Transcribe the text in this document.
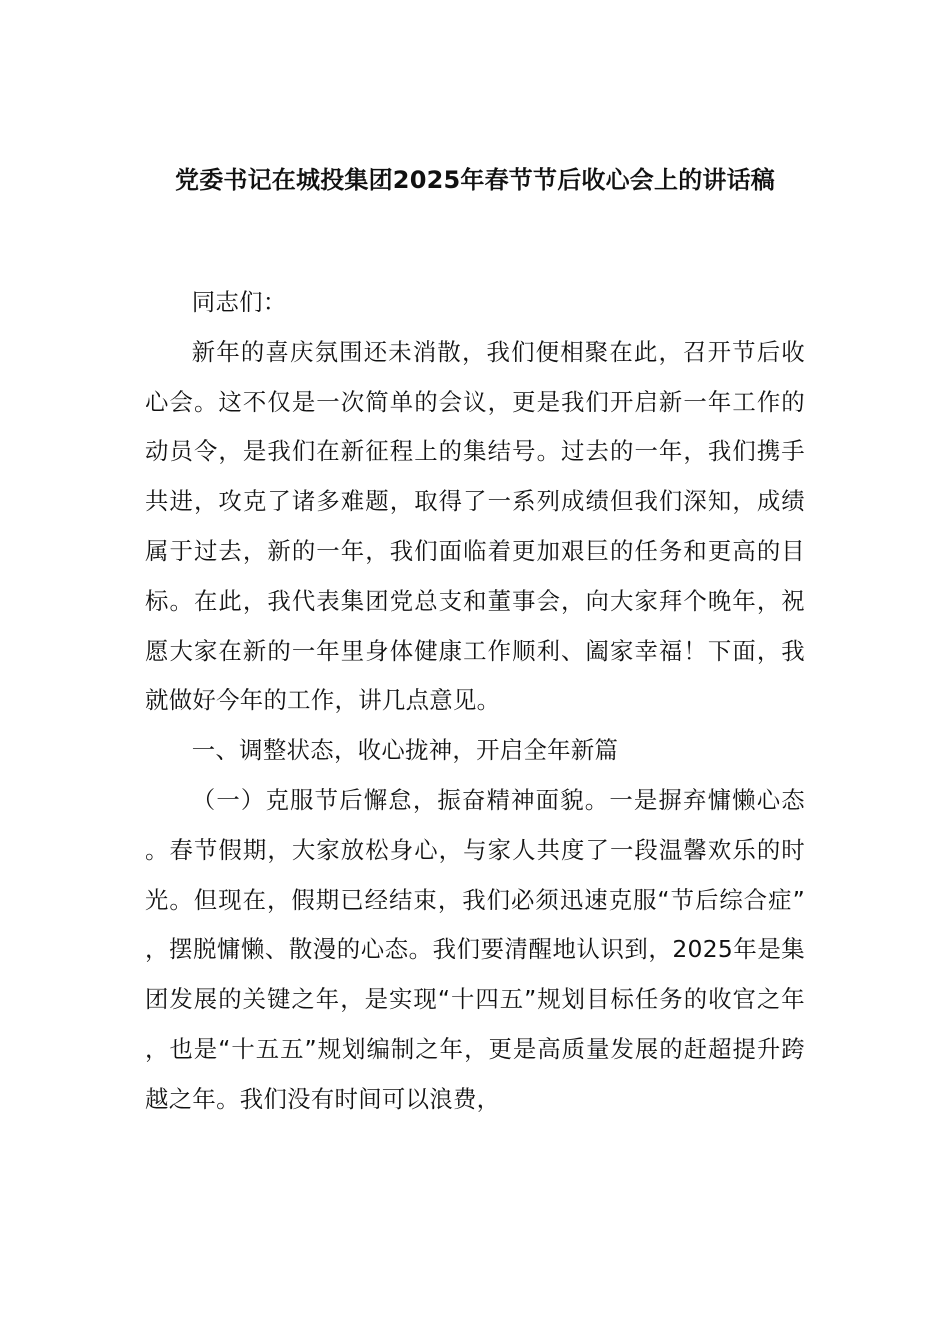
党委书记在城投集团2025年春节节后收心会上的讲话稿

同志们：

新年的喜庆氛围还未消散，我们便相聚在此，召开节后收心会。这不仅是一次简单的会议，更是我们开启新一年工作的动员令，是我们在新征程上的集结号。过去的一年，我们携手共进，攻克了诸多难题，取得了一系列成绩但我们深知，成绩属于过去，新的一年，我们面临着更加艰巨的任务和更高的目标。在此，我代表集团党总支和董事会，向大家拜个晚年，祝愿大家在新的一年里身体健康工作顺利、阖家幸福！下面，我就做好今年的工作，讲几点意见。

一、调整状态，收心拢神，开启全年新篇

（一）克服节后懈怠，振奋精神面貌。一是摒弃慵懒心态。春节假期，大家放松身心，与家人共度了一段温馨欢乐的时光。但现在，假期已经结束，我们必须迅速克服“节后综合症”，摆脱慵懒、散漫的心态。我们要清醒地认识到，2025年是集团发展的关键之年，是实现“十四五”规划目标任务的收官之年，也是“十五五”规划编制之年，更是高质量发展的赶超提升跨越之年。我们没有时间可以浪费，
